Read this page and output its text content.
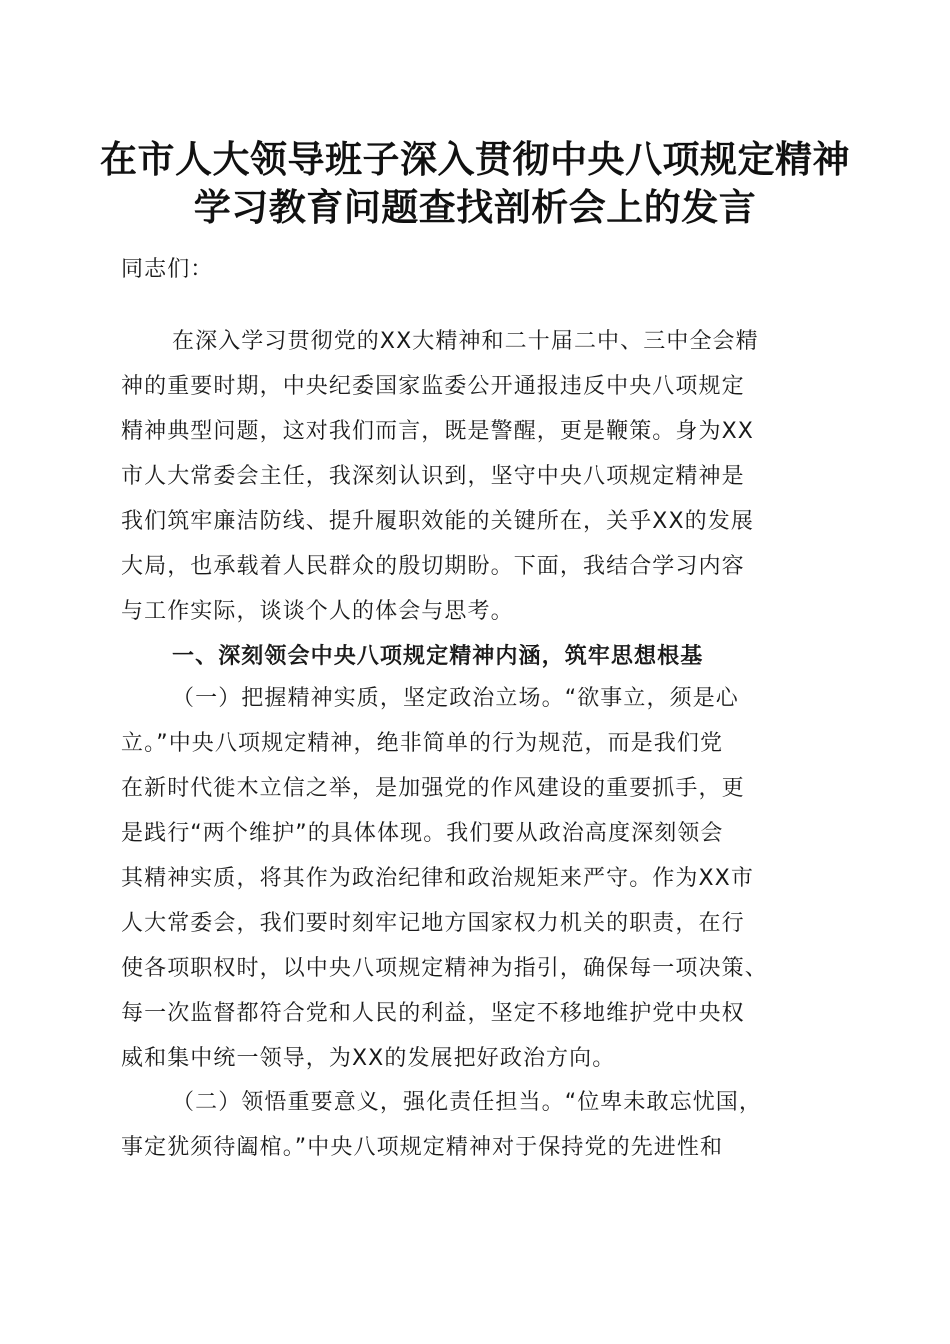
在市人大领导班子深入贯彻中央八项规定精神
学习教育问题查找剖析会上的发言

同志们：

在深入学习贯彻党的XX大精神和二十届二中、三中全会精

神的重要时期，中央纪委国家监委公开通报违反中央八项规定

精神典型问题，这对我们而言，既是警醒，更是鞭策。身为XX

市人大常委会主任，我深刻认识到，坚守中央八项规定精神是

我们筑牢廉洁防线、提升履职效能的关键所在，关乎XX的发展

大局，也承载着人民群众的殷切期盼。下面，我结合学习内容

与工作实际，谈谈个人的体会与思考。

一、深刻领会中央八项规定精神内涵，筑牢思想根基

（一）把握精神实质，坚定政治立场。“欲事立，须是心

立。”中央八项规定精神，绝非简单的行为规范，而是我们党

在新时代徙木立信之举，是加强党的作风建设的重要抓手，更

是践行“两个维护”的具体体现。我们要从政治高度深刻领会

其精神实质，将其作为政治纪律和政治规矩来严守。作为XX市

人大常委会，我们要时刻牢记地方国家权力机关的职责，在行

使各项职权时，以中央八项规定精神为指引，确保每一项决策、

每一次监督都符合党和人民的利益，坚定不移地维护党中央权

威和集中统一领导，为XX的发展把好政治方向。

（二）领悟重要意义，强化责任担当。“位卑未敢忘忧国，

事定犹须待阖棺。”中央八项规定精神对于保持党的先进性和
